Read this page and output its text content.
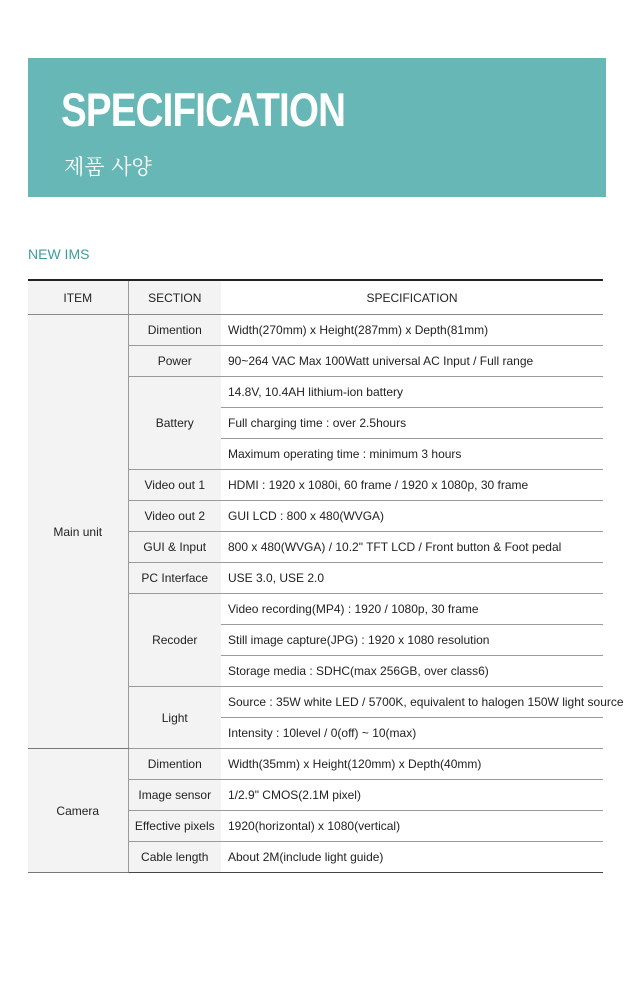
SPECIFICATION
제품 사양
NEW IMS
ITEM	SECTION	SPECIFICATION
Main unit	Dimention	Width(270mm) x Height(287mm) x Depth(81mm)
	Power	90~264 VAC Max 100Watt universal AC Input / Full range
	Battery	14.8V, 10.4AH lithium-ion battery
		Full charging time : over 2.5hours
		Maximum operating time : minimum 3 hours
	Video out 1	HDMI : 1920 x 1080i, 60 frame / 1920 x 1080p, 30 frame
	Video out 2	GUI LCD : 800 x 480(WVGA)
	GUI & Input	800 x 480(WVGA) / 10.2" TFT LCD / Front button & Foot pedal
	PC Interface	USE 3.0, USE 2.0
	Recoder	Video recording(MP4) : 1920 / 1080p, 30 frame
		Still image capture(JPG) : 1920 x 1080 resolution
		Storage media : SDHC(max 256GB, over class6)
	Light	Source : 35W white LED / 5700K, equivalent to halogen 150W light source
		Intensity : 10level / 0(off) ~ 10(max)
Camera	Dimention	Width(35mm) x Height(120mm) x Depth(40mm)
	Image sensor	1/2.9" CMOS(2.1M pixel)
	Effective pixels	1920(horizontal) x 1080(vertical)
	Cable length	About 2M(include light guide)
